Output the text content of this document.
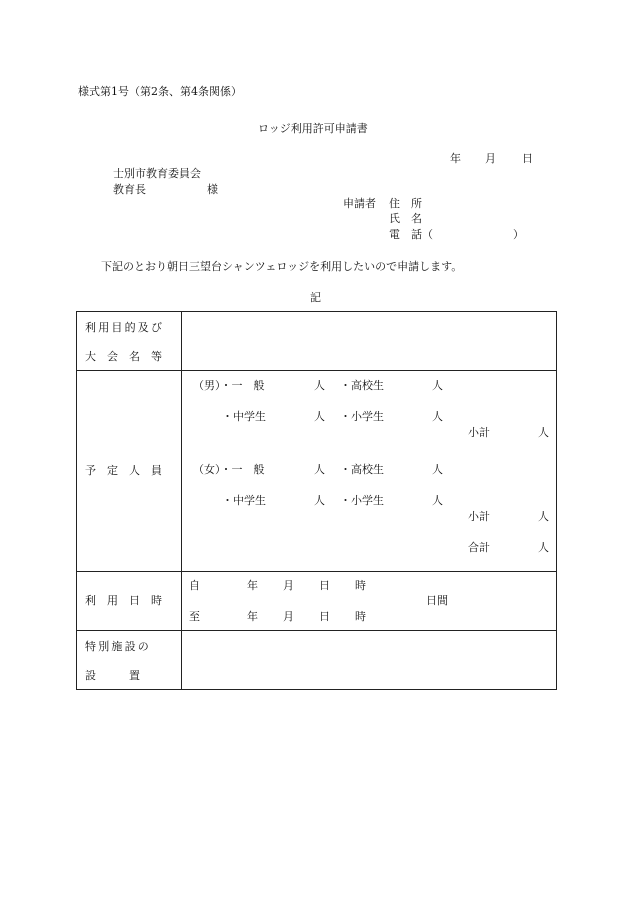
様式第1号（第2条、第4条関係）
ロッジ利用許可申請書
年 月 日
士別市教育委員会
教育長	様
申請者 住　所
氏　名
電　話（	）
下記のとおり朝日三望台シャンツェロッジを利用したいので申請します。
記
利用目的及び
大　会　名　等
予　定　人　員
（男）・一　般	人 ・高校生	人
・中学生	人 ・小学生	人
小計	人
（女）・一　般	人 ・高校生	人
・中学生	人 ・小学生	人
小計	人
合計	人
利　用　日　時
自	年 月 日 時
日間
至	年 月 日 時
特別施設の
設　　　置
